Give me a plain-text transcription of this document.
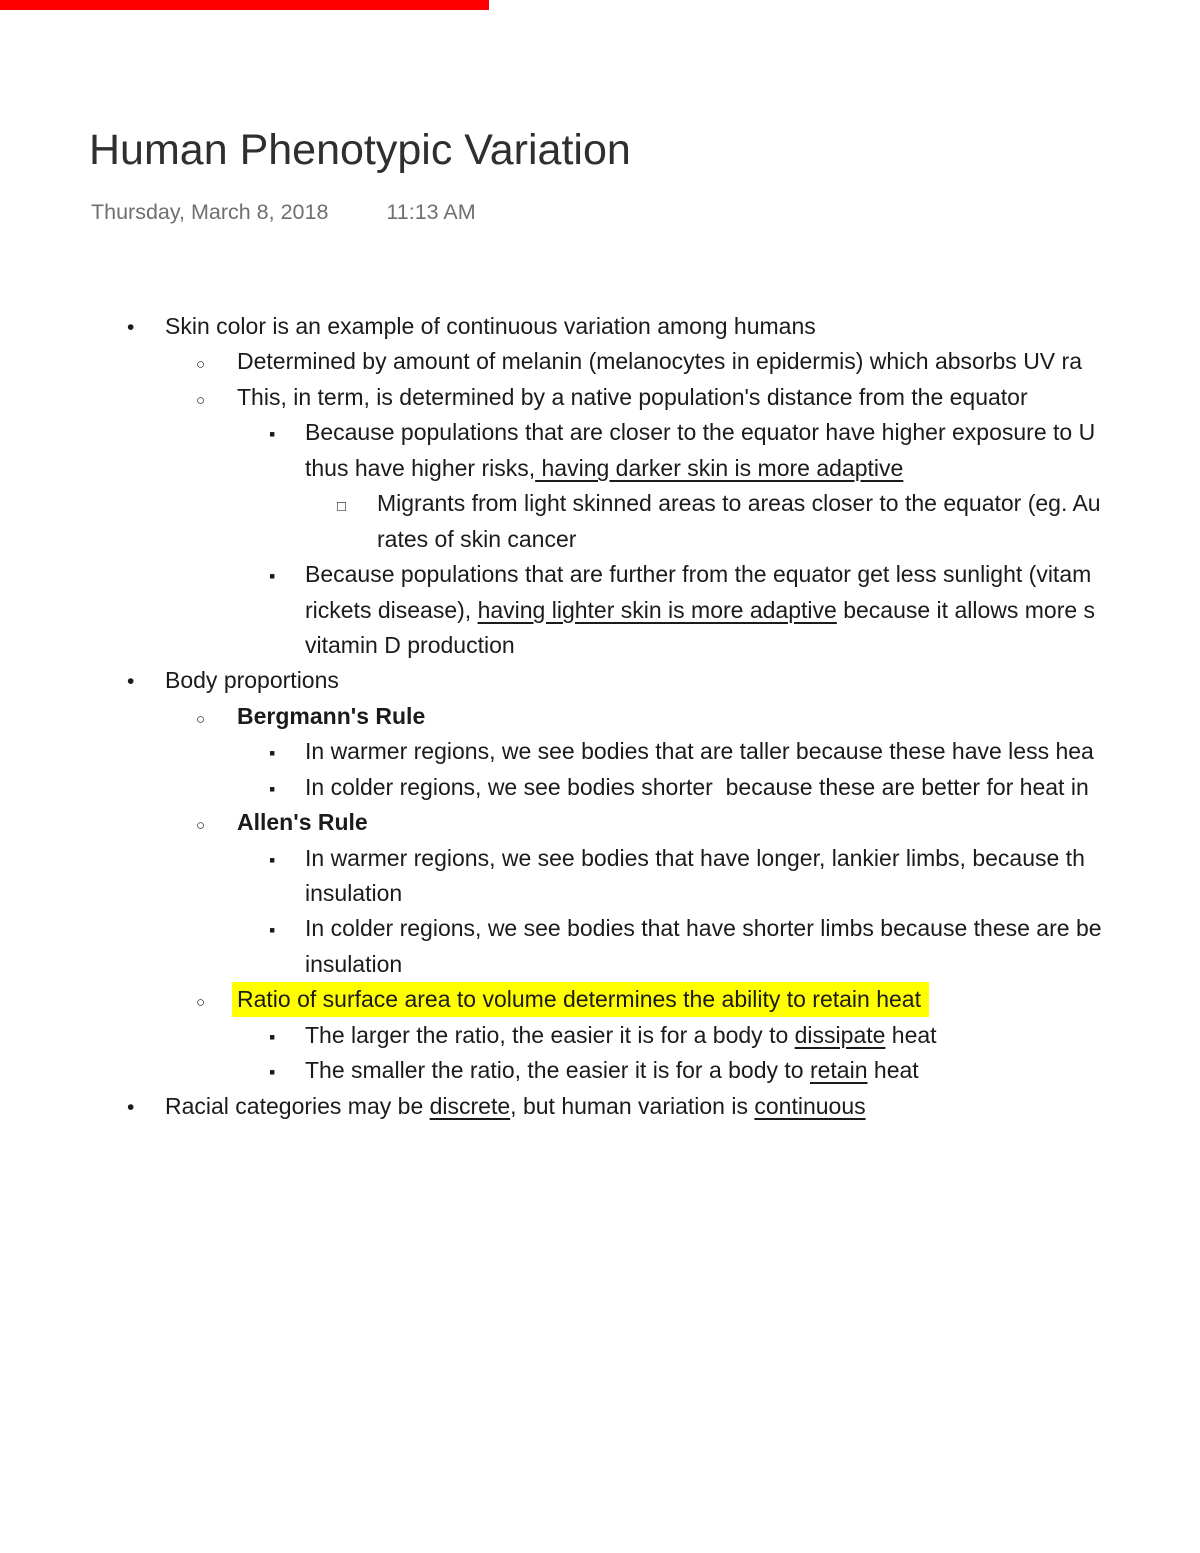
Human Phenotypic Variation
Thursday, March 8, 2018	11:13 AM
• Skin color is an example of continuous variation among humans
○ Determined by amount of melanin (melanocytes in epidermis) which absorbs UV ra
○ This, in term, is determined by a native population's distance from the equator
▪ Because populations that are closer to the equator have higher exposure to U
thus have higher risks, having darker skin is more adaptive
□ Migrants from light skinned areas to areas closer to the equator (eg. Au
rates of skin cancer
▪ Because populations that are further from the equator get less sunlight (vitam
rickets disease), having lighter skin is more adaptive because it allows more s
vitamin D production
• Body proportions
○ Bergmann's Rule
▪ In warmer regions, we see bodies that are taller because these have less hea
▪ In colder regions, we see bodies shorter  because these are better for heat in
○ Allen's Rule
▪ In warmer regions, we see bodies that have longer, lankier limbs, because th
insulation
▪ In colder regions, we see bodies that have shorter limbs because these are be
insulation
○ Ratio of surface area to volume determines the ability to retain heat
▪ The larger the ratio, the easier it is for a body to dissipate heat
▪ The smaller the ratio, the easier it is for a body to retain heat
• Racial categories may be discrete, but human variation is continuous
